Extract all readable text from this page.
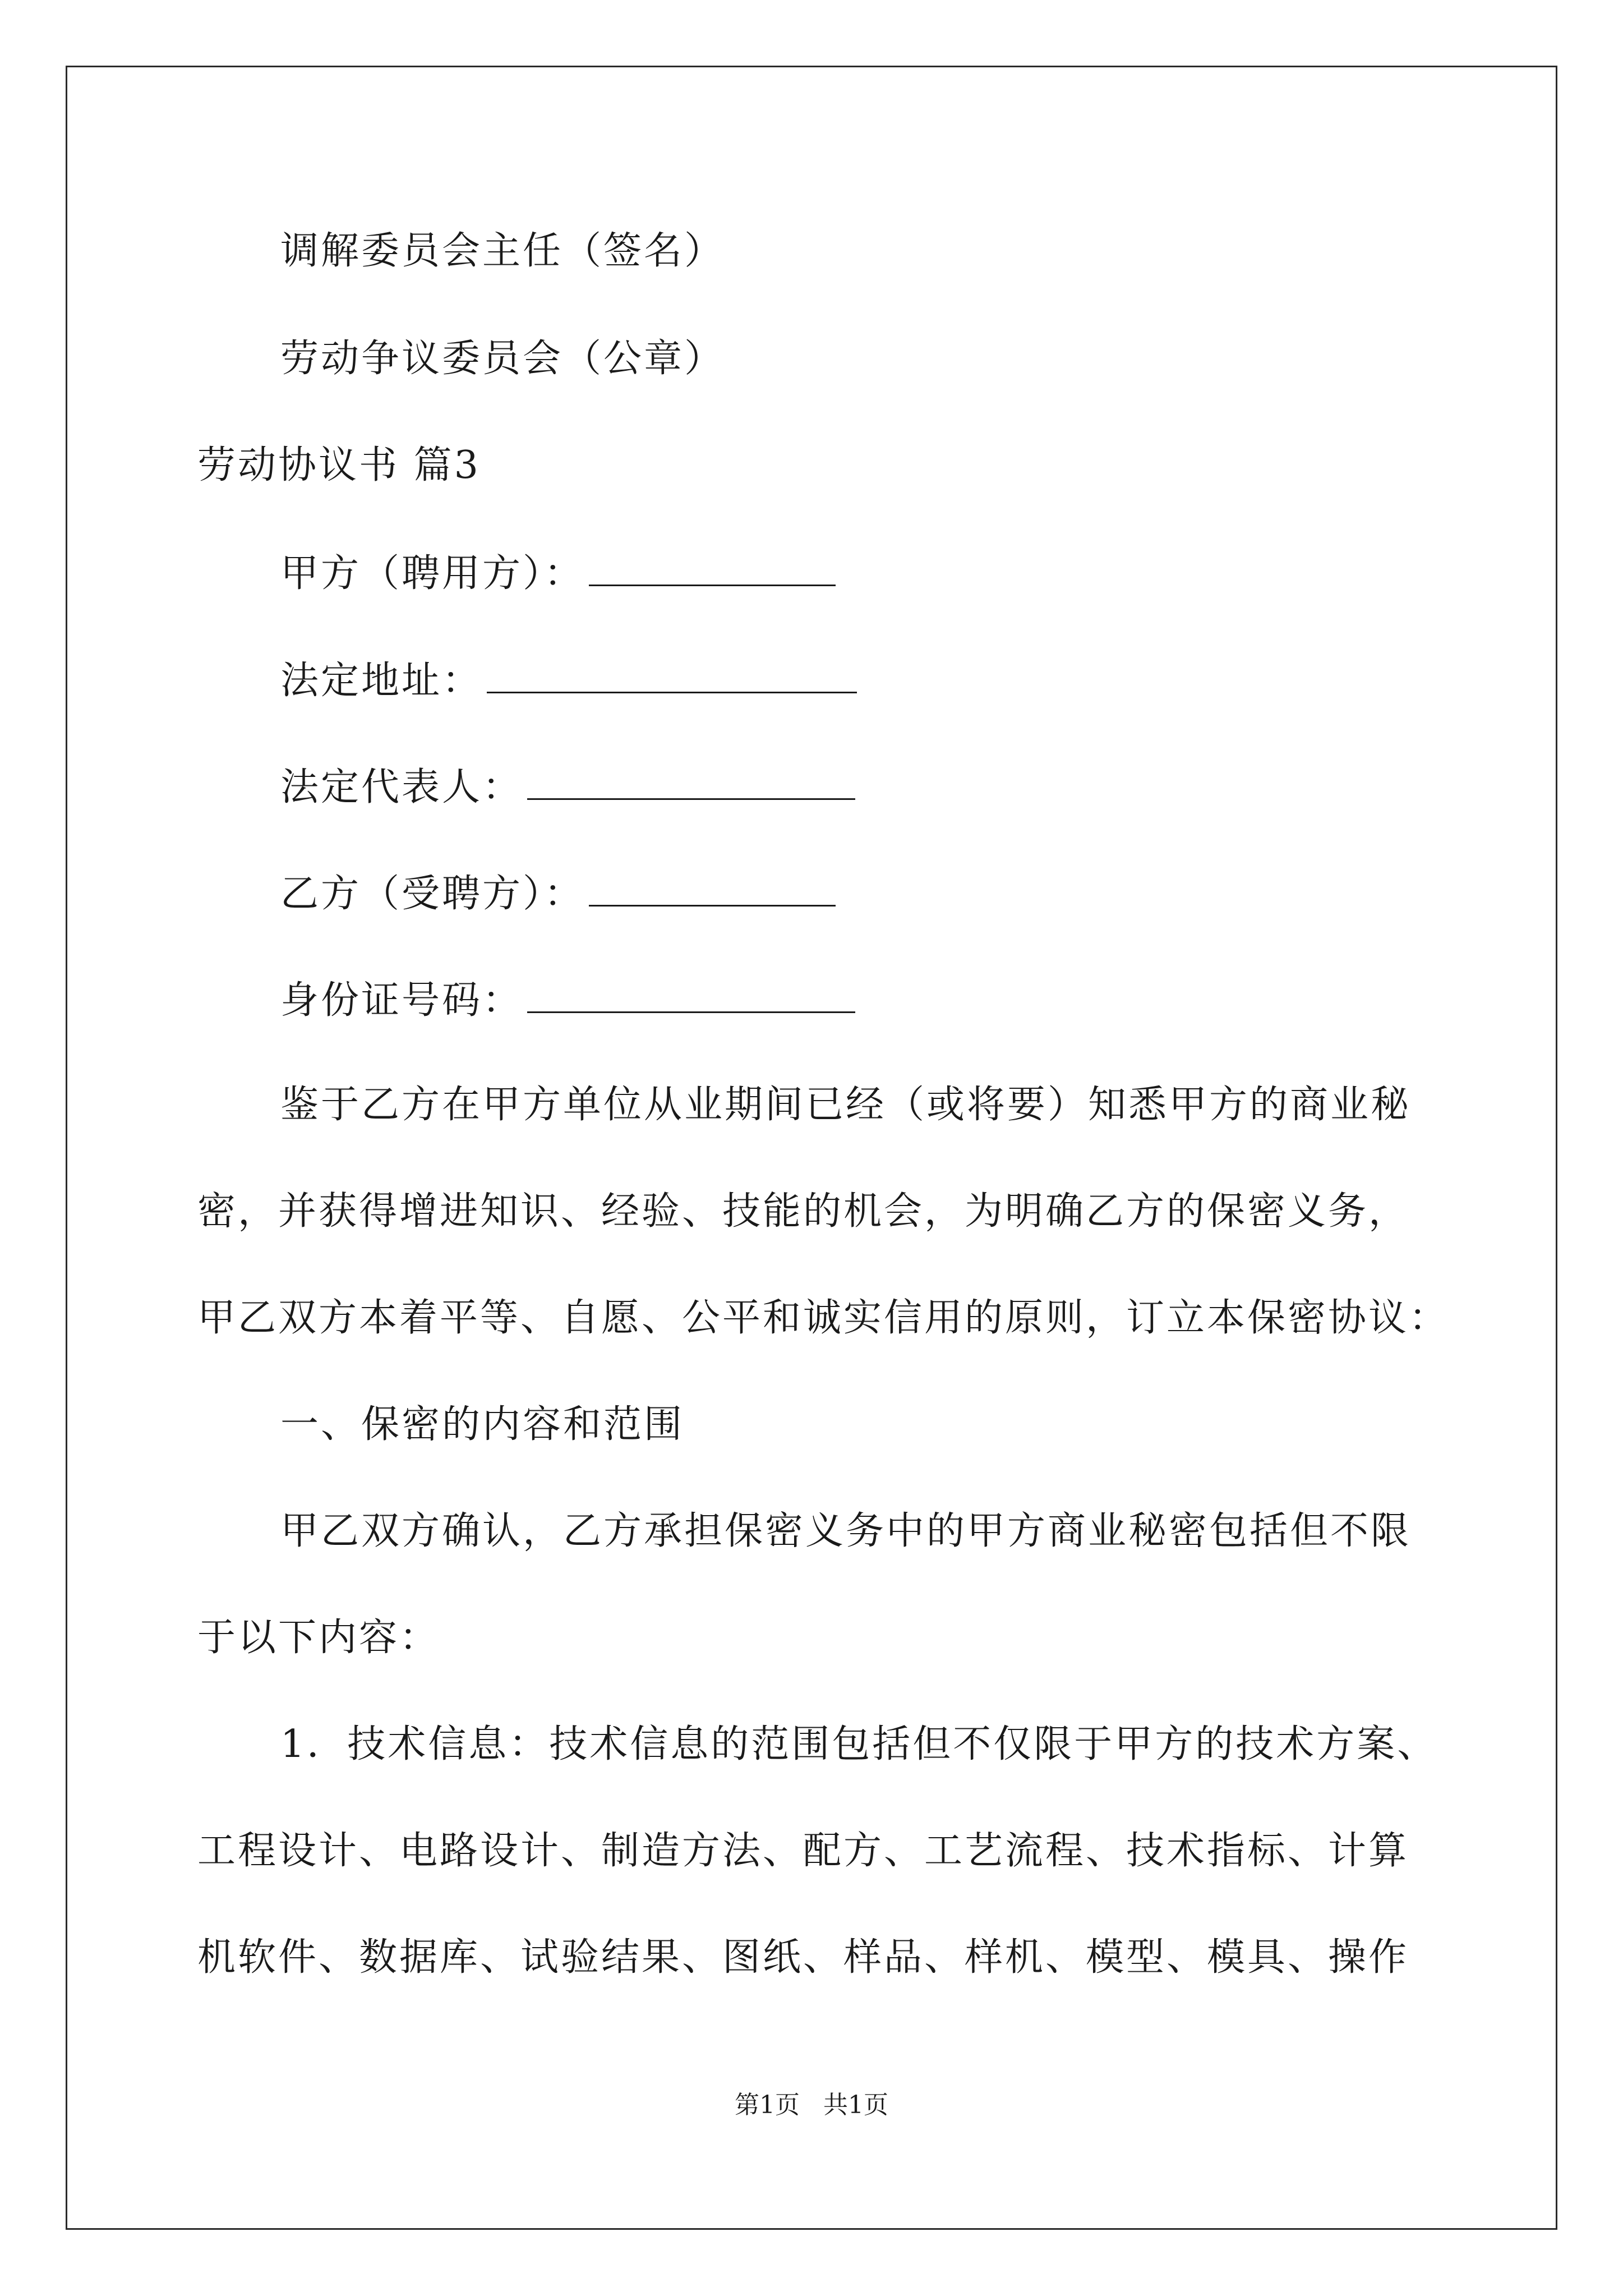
调解委员会主任（签名）
劳动争议委员会（公章）
劳动协议书 篇3
甲方（聘用方）：
法定地址：
法定代表人：
乙方（受聘方）：
身份证号码：
鉴于乙方在甲方单位从业期间已经（或将要）知悉甲方的商业秘
密，并获得增进知识、经验、技能的机会，为明确乙方的保密义务，
甲乙双方本着平等、自愿、公平和诚实信用的原则，订立本保密协议：
一、保密的内容和范围
甲乙双方确认，乙方承担保密义务中的甲方商业秘密包括但不限
于以下内容：
1．技术信息：技术信息的范围包括但不仅限于甲方的技术方案、
工程设计、电路设计、制造方法、配方、工艺流程、技术指标、计算
机软件、数据库、试验结果、图纸、样品、样机、模型、模具、操作
第1页   共1页
